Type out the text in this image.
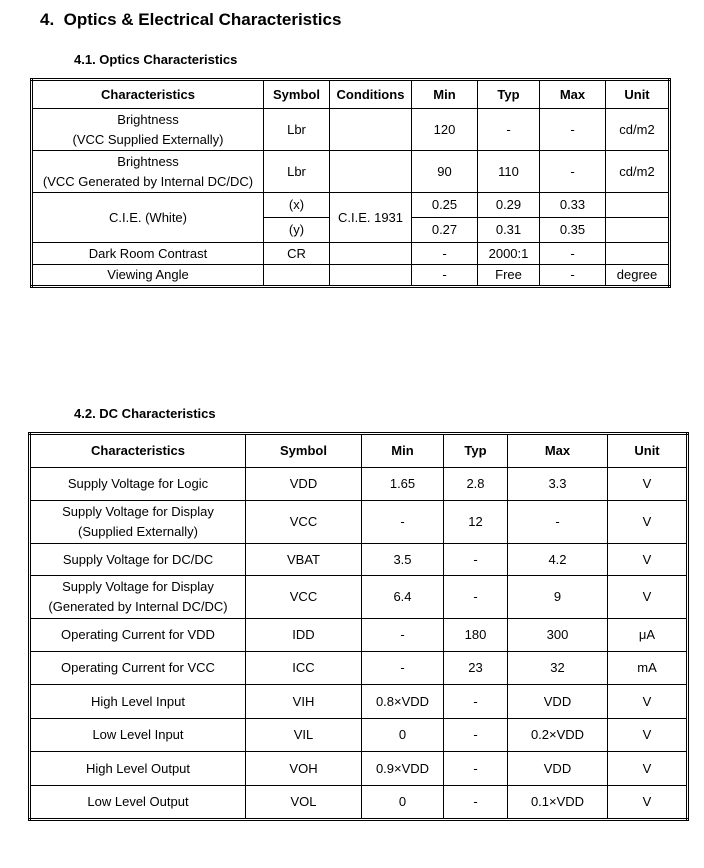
4. Optics & Electrical Characteristics
4.1. Optics Characteristics
Characteristics	Symbol	Conditions	Min	Typ	Max	Unit

Brightness
(VCC Supplied Externally)	Lbr		120	-	-	cd/m2

Brightness
(VCC Generated by Internal DC/DC)	Lbr		90	110	-	cd/m2
C.I.E. (White)	(x)	C.I.E. 1931	0.25	0.29	0.33	
	(y)		0.27	0.31	0.35	
Dark Room Contrast	CR		-	2000:1	-	
Viewing Angle			-	Free	-	degree
4.2. DC Characteristics
Characteristics	Symbol	Min	Typ	Max	Unit

Supply Voltage for Logic	VDD	1.65	2.8	3.3	V

Supply Voltage for Display
(Supplied Externally)	VCC	-	12	-	V

Supply Voltage for DC/DC	VBAT	3.5	-	4.2	V

Supply Voltage for Display
(Generated by Internal DC/DC)	VCC	6.4	-	9	V

Operating Current for VDD	IDD	-	180	300	μA

Operating Current for VCC	ICC	-	23	32	mA

High Level Input	VIH	0.8×VDD	-	VDD	V

Low Level Input	VIL	0	-	0.2×VDD	V

High Level Output	VOH	0.9×VDD	-	VDD	V

Low Level Output	VOL	0	-	0.1×VDD	V
